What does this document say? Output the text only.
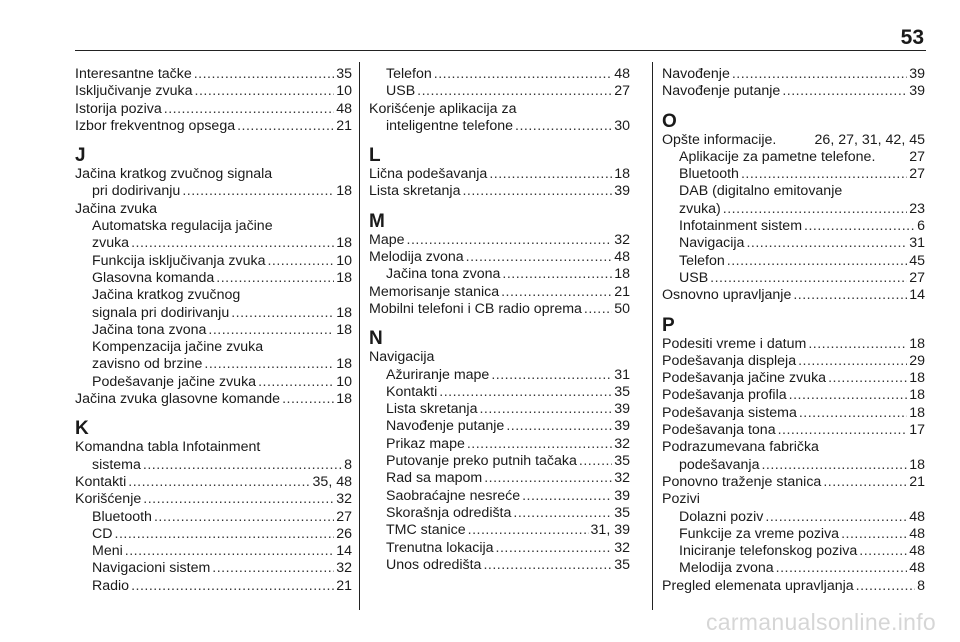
53
Interesantne tačke .....	35
Isključivanje zvuka .....	10
Istorija poziva .....	48
Izbor frekventnog opsega .....	21
J
Jačina kratkog zvučnog signala
pri dodirivanju .....	18
Jačina zvuka
Automatska regulacija jačine
zvuka .....	18
Funkcija isključivanja zvuka .....	10
Glasovna komanda .....	18
Jačina kratkog zvučnog
signala pri dodirivanju .....	18
Jačina tona zvona .....	18
Kompenzacija jačine zvuka
zavisno od brzine .....	18
Podešavanje jačine zvuka .....	10
Jačina zvuka glasovne komande .....	18
K
Komandna tabla Infotainment
sistema .....	8
Kontakti .....	35, 48
Korišćenje .....	32
Bluetooth .....	27
CD .....	26
Meni .....	14
Navigacioni sistem .....	32
Radio .....	21
Telefon .....	48
USB .....	27
Korišćenje aplikacija za
inteligentne telefone .....	30
L
Lična podešavanja .....	18
Lista skretanja .....	39
M
Mape .....	32
Melodija zvona .....	48
Jačina tona zvona .....	18
Memorisanje stanica .....	21
Mobilni telefoni i CB radio oprema ..... 50
N
Navigacija
Ažuriranje mape .....	31
Kontakti .....	35
Lista skretanja .....	39
Navođenje putanje .....	39
Prikaz mape .....	32
Putovanje preko putnih tačaka .....	35
Rad sa mapom .....	32
Saobraćajne nesreće .....	39
Skorašnja odredišta .....	35
TMC stanice .....	31, 39
Trenutna lokacija .....	32
Unos odredišta .....	35
Navođenje .....	39
Navođenje putanje .....	39
O
Opšte informacije.	26, 27, 31, 42, 45
Aplikacije za pametne telefone. 27
Bluetooth .....	27
DAB (digitalno emitovanje
zvuka) .....	23
Infotainment sistem .....	6
Navigacija .....	31
Telefon .....	45
USB .....	27
Osnovno upravljanje .....	14
P
Podesiti vreme i datum .....	18
Podešavanja displeja .....	29
Podešavanja jačine zvuka .....	18
Podešavanja profila .....	18
Podešavanja sistema .....	18
Podešavanja tona .....	17
Podrazumevana fabrička
podešavanja .....	18
Ponovno traženje stanica .....	21
Pozivi
Dolazni poziv .....	48
Funkcije za vreme poziva .....	48
Iniciranje telefonskog poziva .....	48
Melodija zvona .....	48
Pregled elemenata upravljanja .....	8
carmanualsonline.info
